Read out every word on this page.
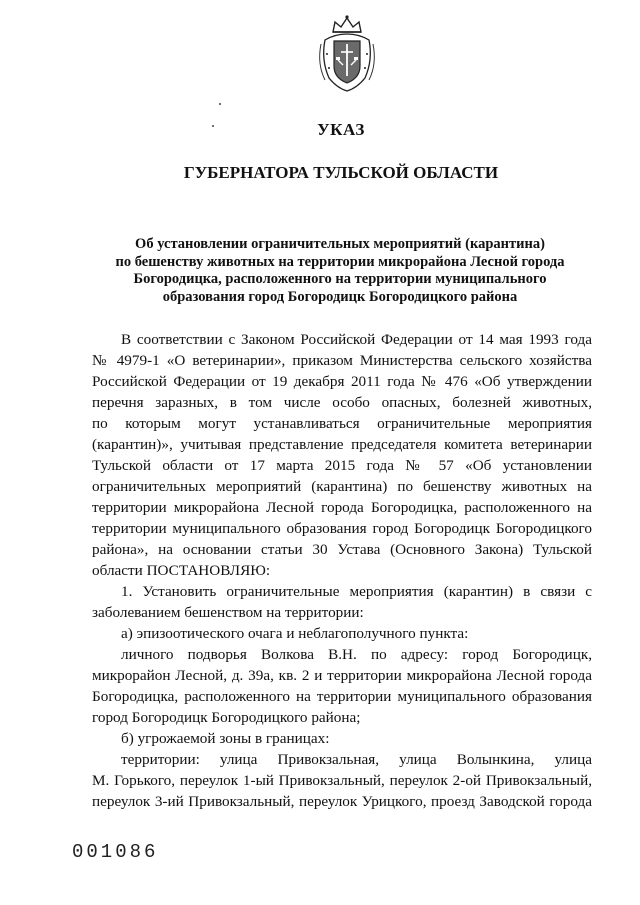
УКАЗ
ГУБЕРНАТОРА ТУЛЬСКОЙ ОБЛАСТИ
Об установлении ограничительных мероприятий (карантина)
по бешенству животных на территории микрорайона Лесной города
Богородицка, расположенного на территории муниципального
образования город Богородицк Богородицкого района
В соответствии с Законом Российской Федерации от 14 мая 1993 года
№ 4979-1 «О ветеринарии», приказом Министерства сельского хозяйства
Российской Федерации от 19 декабря 2011 года № 476 «Об утверждении
перечня заразных, в том числе особо опасных, болезней животных,
по которым могут устанавливаться ограничительные мероприятия
(карантин)», учитывая представление председателя комитета ветеринарии
Тульской области от 17 марта 2015 года № 57 «Об установлении
ограничительных мероприятий (карантина) по бешенству животных на
территории микрорайона Лесной города Богородицка, расположенного на
территории муниципального образования город Богородицк Богородицкого
района», на основании статьи 30 Устава (Основного Закона) Тульской
области ПОСТАНОВЛЯЮ:
1. Установить ограничительные мероприятия (карантин) в связи с
заболеванием бешенством на территории:
а) эпизоотического очага и неблагополучного пункта:
личного подворья Волкова В.Н. по адресу: город Богородицк,
микрорайон Лесной, д. 39а, кв. 2 и территории микрорайона Лесной города
Богородицка, расположенного на территории муниципального образования
город Богородицк Богородицкого района;
б) угрожаемой зоны в границах:
территории: улица Привокзальная, улица Волынкина, улица
М. Горького, переулок 1-ый Привокзальный, переулок 2-ой Привокзальный,
переулок 3-ий Привокзальный, переулок Урицкого, проезд Заводской города
001086
